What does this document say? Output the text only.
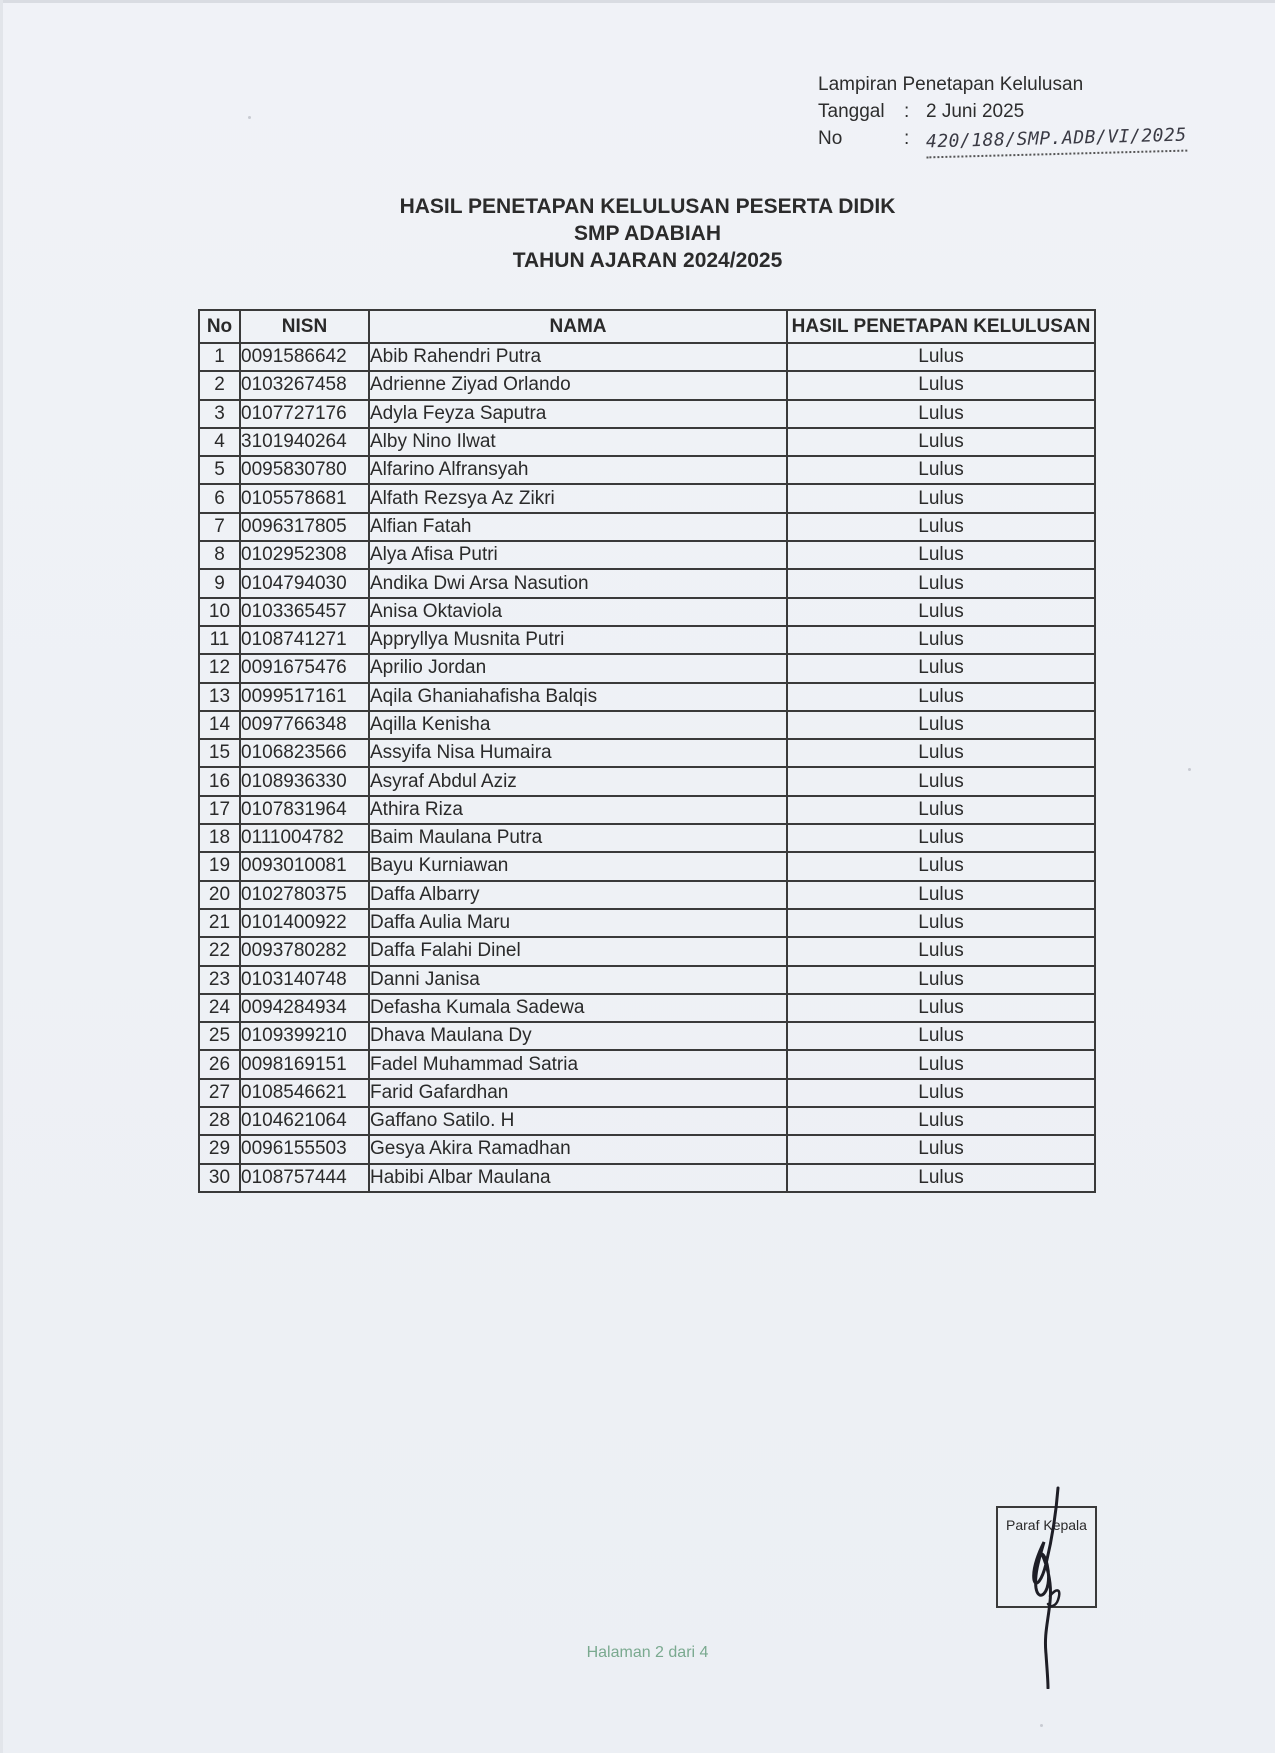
Lampiran Penetapan Kelulusan
Tanggal	: 2 Juni 2025
No	: 420/188/SMP.ADB/VI/2025
HASIL PENETAPAN KELULUSAN PESERTA DIDIK
SMP ADABIAH
TAHUN AJARAN 2024/2025
No	NISN	NAMA	HASIL PENETAPAN KELULUSAN
1	0091586642	Abib Rahendri Putra	Lulus
2	0103267458	Adrienne Ziyad Orlando	Lulus
3	0107727176	Adyla Feyza Saputra	Lulus
4	3101940264	Alby Nino Ilwat	Lulus
5	0095830780	Alfarino Alfransyah	Lulus
6	0105578681	Alfath Rezsya Az Zikri	Lulus
7	0096317805	Alfian Fatah	Lulus
8	0102952308	Alya Afisa Putri	Lulus
9	0104794030	Andika Dwi Arsa Nasution	Lulus
10	0103365457	Anisa Oktaviola	Lulus
11	0108741271	Appryllya Musnita Putri	Lulus
12	0091675476	Aprilio Jordan	Lulus
13	0099517161	Aqila Ghaniahafisha Balqis	Lulus
14	0097766348	Aqilla Kenisha	Lulus
15	0106823566	Assyifa Nisa Humaira	Lulus
16	0108936330	Asyraf Abdul Aziz	Lulus
17	0107831964	Athira Riza	Lulus
18	0111004782	Baim Maulana Putra	Lulus
19	0093010081	Bayu Kurniawan	Lulus
20	0102780375	Daffa Albarry	Lulus
21	0101400922	Daffa Aulia Maru	Lulus
22	0093780282	Daffa Falahi Dinel	Lulus
23	0103140748	Danni Janisa	Lulus
24	0094284934	Defasha Kumala Sadewa	Lulus
25	0109399210	Dhava Maulana Dy	Lulus
26	0098169151	Fadel Muhammad Satria	Lulus
27	0108546621	Farid Gafardhan	Lulus
28	0104621064	Gaffano Satilo. H	Lulus
29	0096155503	Gesya Akira Ramadhan	Lulus
30	0108757444	Habibi Albar Maulana	Lulus
Paraf Kepala
Halaman 2 dari 4
